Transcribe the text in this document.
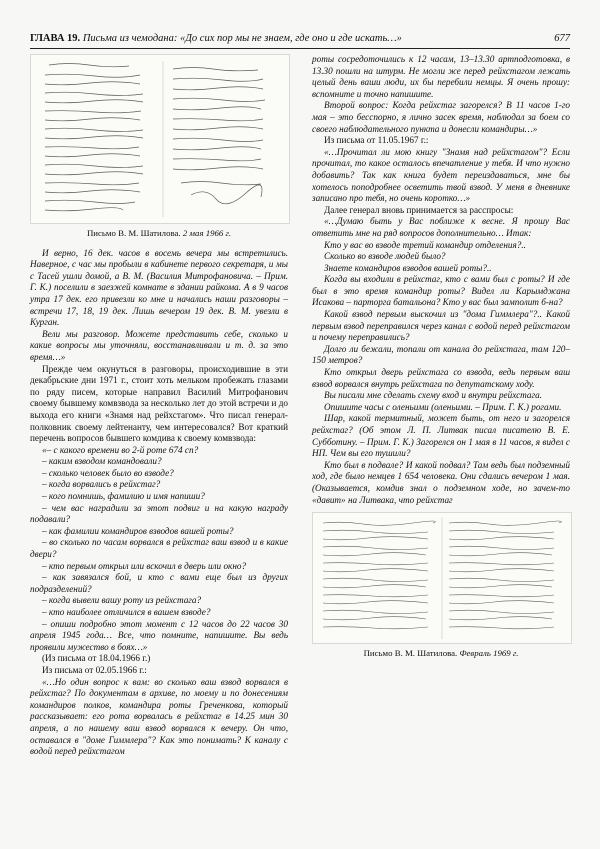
ГЛАВА 19. Письма из чемодана: «До сих пор мы не знаем, где оно и где искать…»	677
Письмо В. М. Шатилова. 2 мая 1966 г.

И верно, 16 дек. часов в восемь вечера мы встретились. Наверное, с час мы пробыли в кабинете первого секретаря, и мы с Тасей ушли домой, а В. М. (Василия Митрофановича. – Прим. Г. К.) поселили в заезжей комнате в здании райкома. А в 9 часов утра 17 дек. его привезли ко мне и начались наши разговоры – встречи 17, 18, 19 дек. Лишь вечером 19 дек. В. М. увезли в Курган.

Вели мы разговор. Можете представить себе, сколько и какие вопросы мы уточняли, восстанавливали и т. д. за это время…»

Прежде чем окунуться в разговоры, происходившие в эти декабрьские дни 1971 г., стоит хоть мельком пробежать глазами по ряду писем, которые направил Василий Митрофанович своему бывшему комвзвода за несколько лет до этой встречи и до выхода его книги «Знамя над рейхстагом». Что писал генерал-полковник своему лейтенанту, чем интересовался? Вот краткий перечень вопросов бывшего комдива к своему комвзвода:

«– с какого времени во 2-й роте 674 сп?

– каким взводом командовали?

– сколько человек было во взводе?

– когда ворвались в рейхстаг?

– кого помнишь, фамилию и имя напиши?

– чем вас наградили за этот подвиг и на какую награду подавали?

– как фамилии командиров взводов вашей роты?

– во сколько по часам ворвался в рейхстаг ваш взвод и в какие двери?

– кто первым открыл или вскочил в дверь или окно?

– как завязался бой, и кто с вами еще был из других подразделений?

– когда вывели вашу роту из рейхстага?

– кто наиболее отличился в вашем взводе?

– опиши подробно этот момент с 12 часов до 22 часов 30 апреля 1945 года… Все, что помните, напишите. Вы ведь проявили мужество в боях…»

(Из письма от 18.04.1966 г.)

Из письма от 02.05.1966 г.:

«…Но один вопрос к вам: во сколько ваш взвод ворвался в рейхстаг? По документам в архиве, по моему и по донесениям командиров полков, командира роты Греченкова, который рассказывает: его рота ворвалась в рейхстаг в 14.25 мин 30 апреля, а по нашему ваш взвод ворвался к вечеру. Он что, оставался в "доме Гиммлера"? Как это понимать? К каналу с водой перед рейхстагом

роты сосредоточились к 12 часам, 13–13.30 артподготовка, в 13.30 пошли на штурм. Не могли же перед рейхстагом лежать целый день ваши люди, их бы перебили немцы. Я очень прошу: вспомните и точно напишите.

Второй вопрос: Когда рейхстаг загорелся? В 11 часов 1-го мая – это бесспорно, я лично засек время, наблюдал за боем со своего наблюдательного пункта и донесли командиры…»

Из письма от 11.05.1967 г.:

«…Прочитал ли мою книгу "Знамя над рейхстагом"? Если прочитал, то какое осталось впечатление у тебя. И что нужно добавить? Так как книга будет переиздаваться, мне бы хотелось поподробнее осветить твой взвод. У меня в дневнике записано про тебя, но очень коротко…»

Далее генерал вновь принимается за расспросы:

«…Думаю быть у Вас поближе к весне. Я прошу Вас ответить мне на ряд вопросов дополнительно… Итак:

Кто у вас во взводе третий командир отделения?..

Сколько во взводе людей было?

Знаете командиров взводов вашей роты?..

Когда вы входили в рейхстаг, кто с вами был с роты? И где был в это время командир роты? Видел ли Карымджана Исакова – парторга батальона? Кто у вас был замполит б-на?

Какой взвод первым выскочил из "дома Гиммлера"?.. Какой первым взвод переправился через канал с водой перед рейхстагом и почему переправились?

Долго ли бежали, топали от канала до рейхстага, там 120–150 метров?

Кто открыл дверь рейхстага со взвода, ведь первым ваш взвод ворвался внутрь рейхстага по депутатскому ходу.

Вы писали мне сделать схему вход и внутри рейхстага.

Опишите часы с оленьими (оленьими. – Прим. Г. К.) рогами.

Шар, какой термитный, может быть, от него и загорелся рейхстаг? (Об этом Л. П. Литвак писал писателю В. Е. Субботину. – Прим. Г. К.) Загорелся он 1 мая в 11 часов, я видел с НП. Чем вы его тушили?

Кто был в подвале? И какой подвал? Там ведь был подземный ход, где было немцев 1 654 человека. Они сдались вечером 1 мая. (Оказывается, комдив знал о подземном ходе, но зачем-то «давит» на Литвака, что рейхстаг

Письмо В. М. Шатилова. Февраль 1969 г.
